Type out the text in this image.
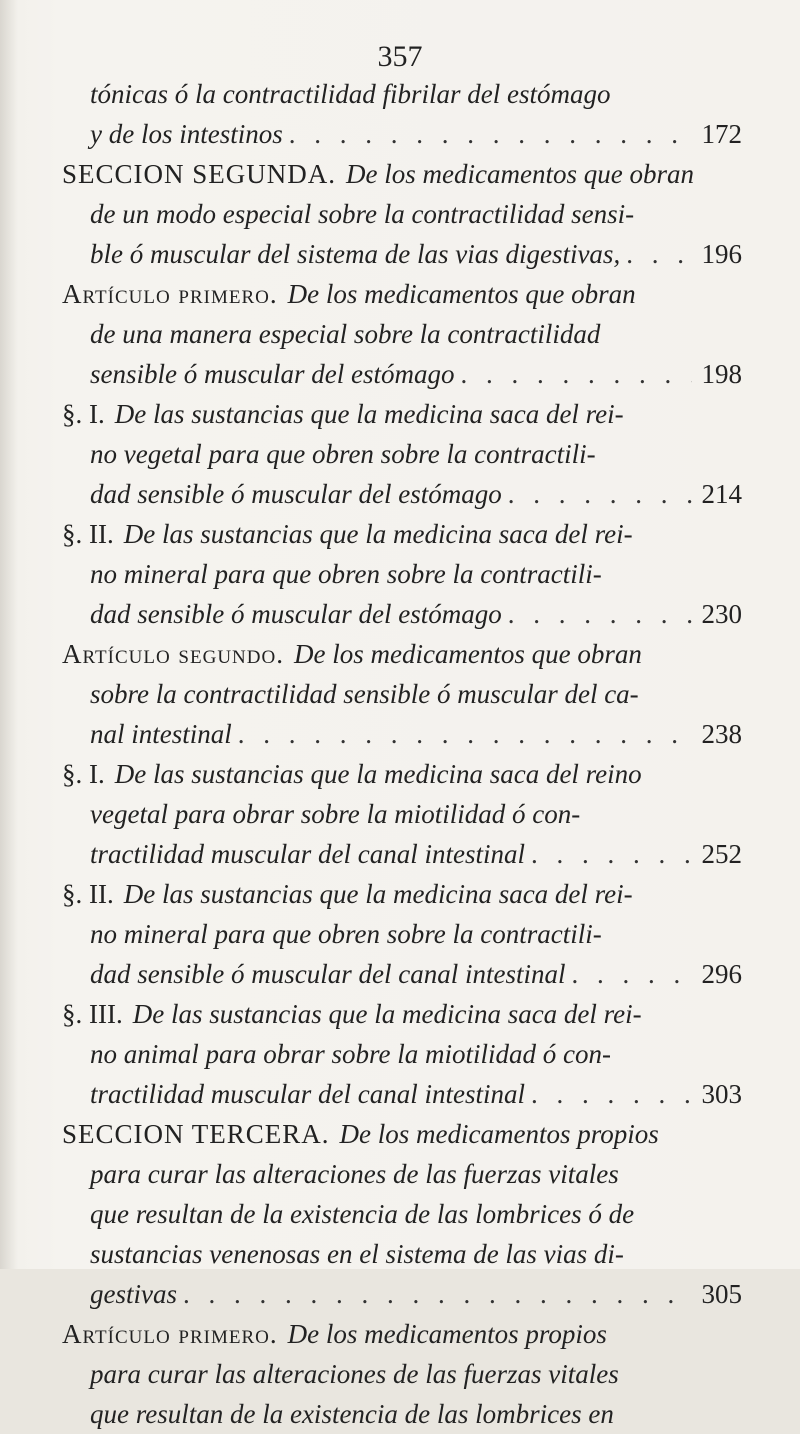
357
tónicas ó la contractilidad fibrilar del estómago
y de los intestinos . . .	172
SECCION SEGUNDA. De los medicamentos que obran
de un modo especial sobre la contractilidad sensi-
ble ó muscular del sistema de las vias digestivas, . . .	196
Artículo primero. De los medicamentos que obran
de una manera especial sobre la contractilidad
sensible ó muscular del estómago . . .	198
§. I. De las sustancias que la medicina saca del rei-
no vegetal para que obren sobre la contractili-
dad sensible ó muscular del estómago . . .	214
§. II. De las sustancias que la medicina saca del rei-
no mineral para que obren sobre la contractili-
dad sensible ó muscular del estómago . . .	230
Artículo segundo. De los medicamentos que obran
sobre la contractilidad sensible ó muscular del ca-
nal intestinal . . .	238
§. I. De las sustancias que la medicina saca del reino
vegetal para obrar sobre la miotilidad ó con-
tractilidad muscular del canal intestinal . . .	252
§. II. De las sustancias que la medicina saca del rei-
no mineral para que obren sobre la contractili-
dad sensible ó muscular del canal intestinal . . .	296
§. III. De las sustancias que la medicina saca del rei-
no animal para obrar sobre la miotilidad ó con-
tractilidad muscular del canal intestinal . . .	303
SECCION TERCERA. De los medicamentos propios
para curar las alteraciones de las fuerzas vitales
que resultan de la existencia de las lombrices ó de
sustancias venenosas en el sistema de las vias di-
gestivas . . .	305
Artículo primero. De los medicamentos propios
para curar las alteraciones de las fuerzas vitales
que resultan de la existencia de las lombrices en
